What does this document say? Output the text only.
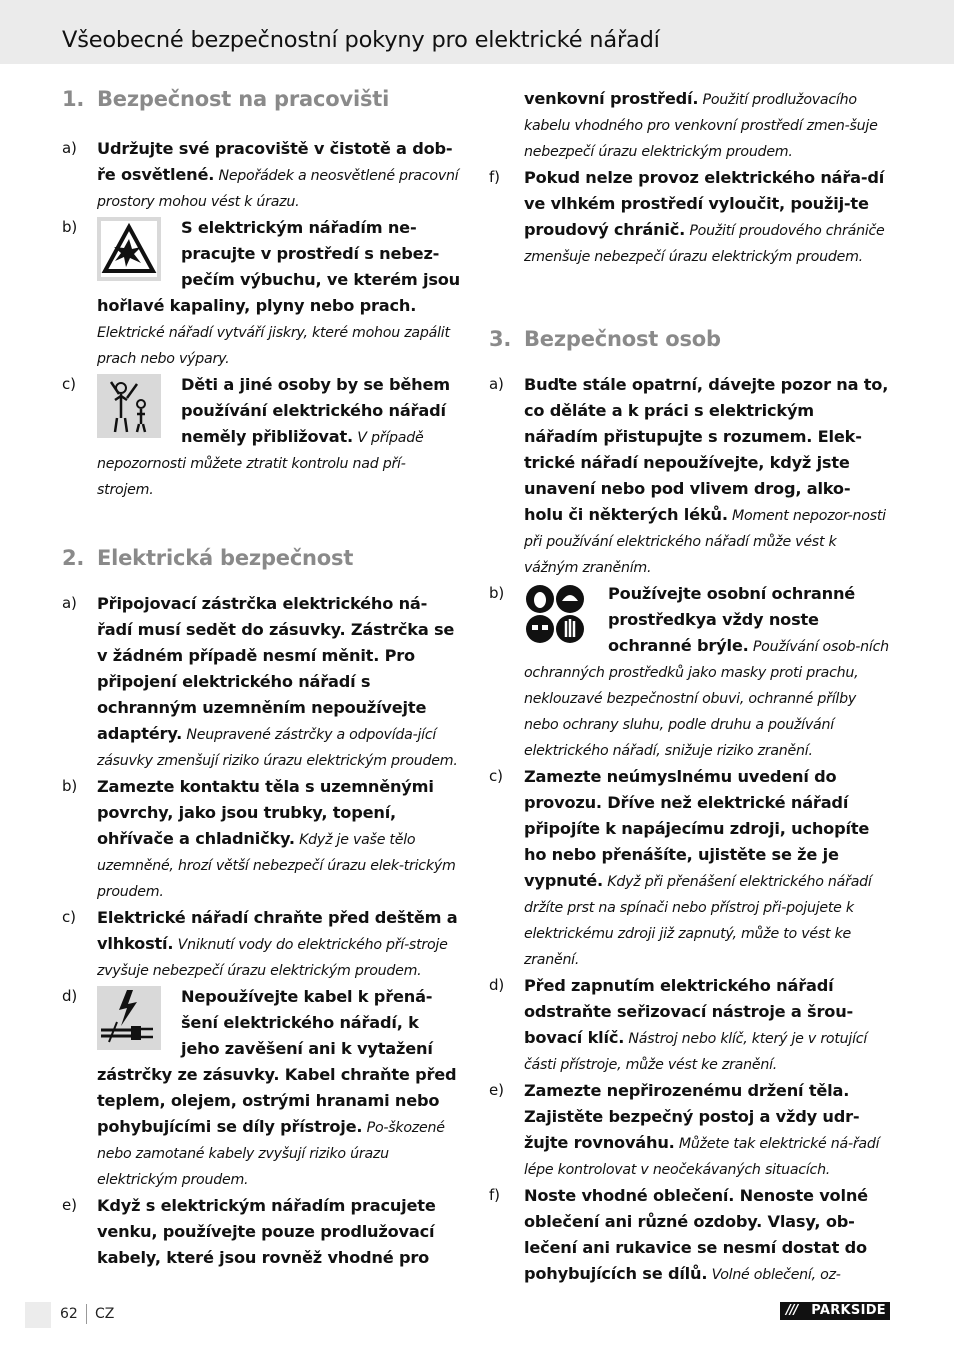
Všeobecné bezpečnostní pokyny pro elektrické nářadí
1. Bezpečnost na pracovišti
a) Udržujte své pracoviště v čistotě a dob-ře osvětlené. Nepořádek a neosvětlené pracovní prostory mohou vést k úrazu.
b)	S elektrickým nářadím ne-pracujte v prostředí s nebez-pečím výbuchu, ve kterém jsou hořlavé kapaliny, plyny nebo prach. Elektrické nářadí vytváří jiskry, které mohou zapálit prach nebo výpary.
c)	Děti a jiné osoby by se během používání elektrického nářadí neměly přibližovat. V případě nepozornosti můžete ztratit kontrolu nad pří-strojem.
2. Elektrická bezpečnost
a) Připojovací zástrčka elektrického ná-řadí musí sedět do zásuvky. Zástrčka se v žádném případě nesmí měnit. Pro připojení elektrického nářadí s ochranným uzemněním nepoužívejte adaptéry. Neupravené zástrčky a odpovída-jící zásuvky zmenšují riziko úrazu elektrickým proudem.
b) Zamezte kontaktu těla s uzemněnými povrchy, jako jsou trubky, topení, ohřívače a chladničky. Když je vaše tělo uzemněné, hrozí větší nebezpečí úrazu elek-trickým proudem.
c) Elektrické nářadí chraňte před deštěm a vlhkostí. Vniknutí vody do elektrického pří-stroje zvyšuje nebezpečí úrazu elektrickým proudem.
d)	Nepoužívejte kabel k přená-šení elektrického nářadí, k jeho zavěšení ani k vytažení zástrčky ze zásuvky. Kabel chraňte před teplem, olejem, ostrými hranami nebo pohybujícími se díly přístroje. Po-škozené nebo zamotané kabely zvyšují riziko úrazu elektrickým proudem.
e) Když s elektrickým nářadím pracujete venku, používejte pouze prodlužovací kabely, které jsou rovněž vhodné pro
venkovní prostředí. Použití prodlužovacího kabelu vhodného pro venkovní prostředí zmen-šuje nebezpečí úrazu elektrickým proudem.
f) Pokud nelze provoz elektrického nářa-dí ve vlhkém prostředí vyloučit, použij-te proudový chránič. Použití proudového chrániče zmenšuje nebezpečí úrazu elektrickým proudem.
3. Bezpečnost osob
a) Buďte stále opatrní, dávejte pozor na to, co děláte a k práci s elektrickým nářadím přistupujte s rozumem. Elek-trické nářadí nepoužívejte, když jste unavení nebo pod vlivem drog, alko-holu či některých léků. Moment nepozor-nosti při používání elektrického nářadí může vést k vážným zraněním.
b)	Používejte osobní ochranné prostředkya vždy noste ochranné brýle. Používání osob-ních ochranných prostředků jako masky proti prachu, neklouzavé bezpečnostní obuvi, ochranné přílby nebo ochrany sluhu, podle druhu a používání elektrického nářadí, snižuje riziko zranění.
c) Zamezte neúmyslnému uvedení do provozu. Dříve než elektrické nářadí připojíte k napájecímu zdroji, uchopíte ho nebo přenášíte, ujistěte se že je vypnuté. Když při přenášení elektrického nářadí držíte prst na spínači nebo přístroj při-pojujete k elektrickému zdroji již zapnutý, může to vést ke zranění.
d) Před zapnutím elektrického nářadí odstraňte seřizovací nástroje a šrou-bovací klíč. Nástroj nebo klíč, který je v rotující části přístroje, může vést ke zranění.
e) Zamezte nepřirozenému držení těla. Zajistěte bezpečný postoj a vždy udr-žujte rovnováhu. Můžete tak elektrické ná-řadí lépe kontrolovat v neočekávaných situacích.
f) Noste vhodné oblečení. Nenoste volné oblečení ani různé ozdoby. Vlasy, ob-lečení ani rukavice se nesmí dostat do pohybujících se dílů. Volné oblečení, oz-
62 CZ	/// PARKSIDE
